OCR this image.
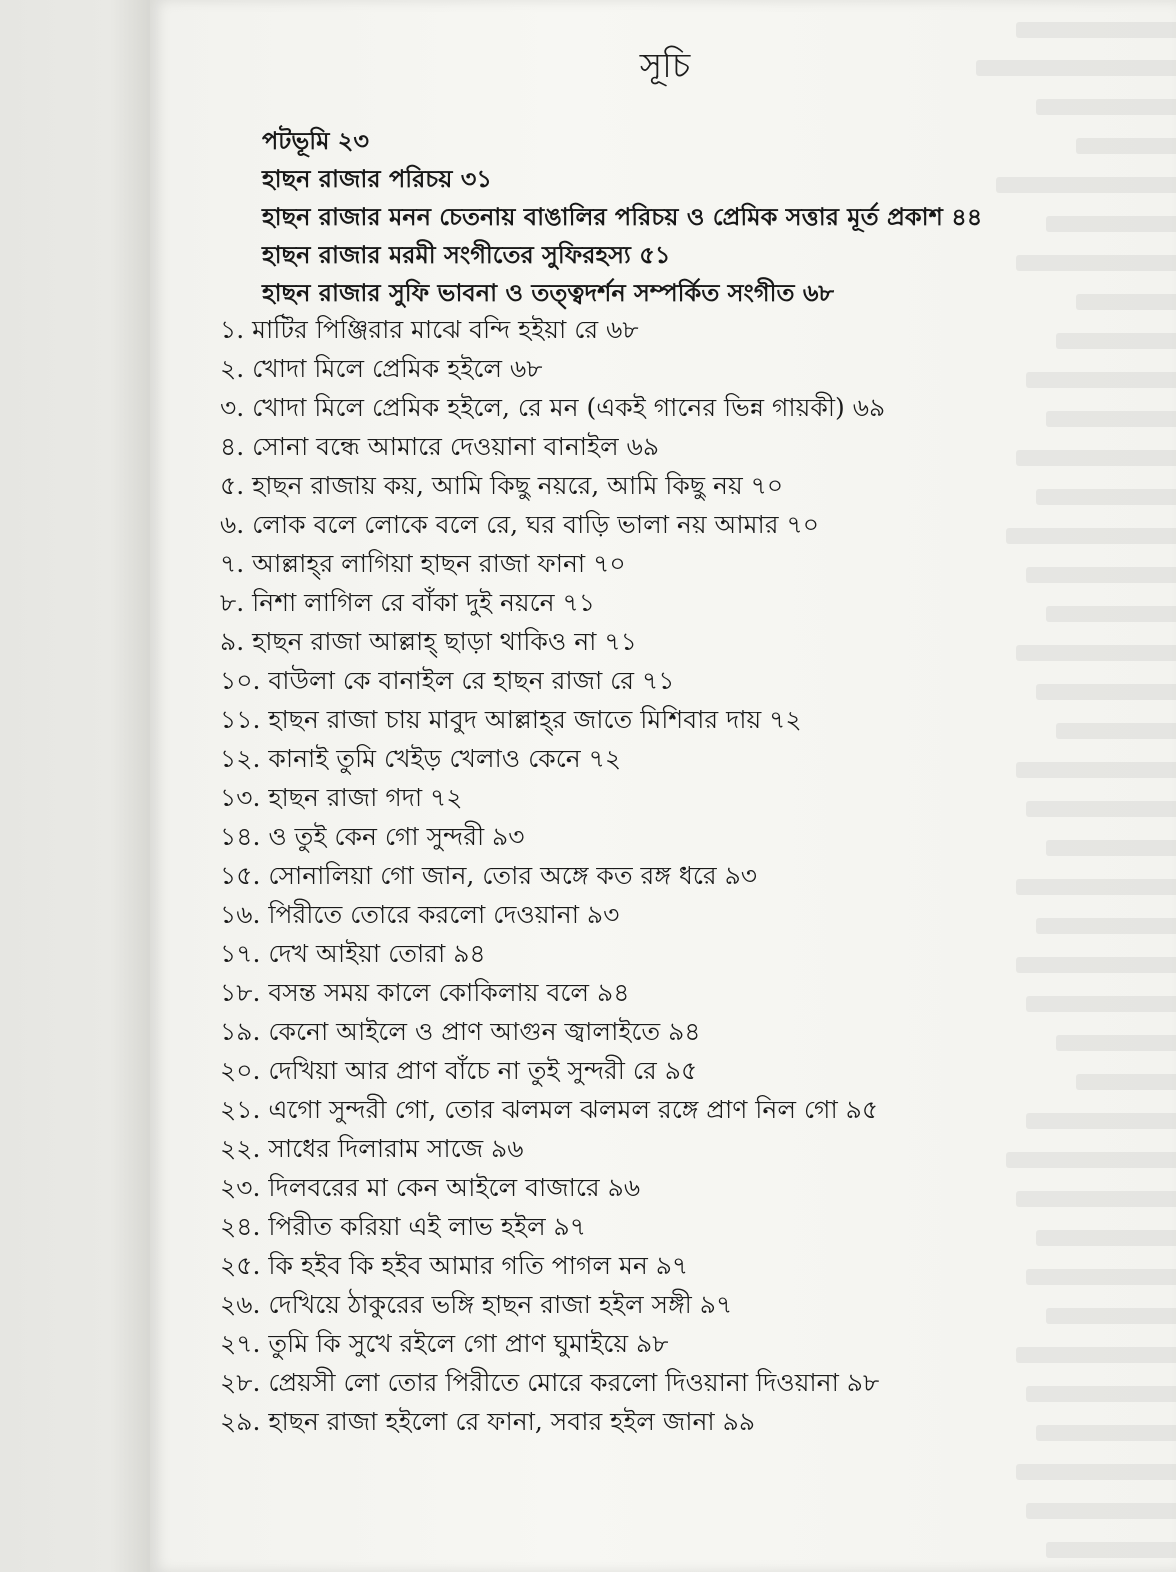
সূচি
পটভূমি ২৩
হাছন রাজার পরিচয় ৩১
হাছন রাজার মনন চেতনায় বাঙালির পরিচয় ও প্রেমিক সত্তার মূর্ত প্রকাশ ৪৪
হাছন রাজার মরমী সংগীতের সুফিরহস্য ৫১
হাছন রাজার সুফি ভাবনা ও তত্ত্বদর্শন সম্পর্কিত সংগীত ৬৮
১. মাটির পিঞ্জিরার মাঝে বন্দি হইয়া রে ৬৮
২. খোদা মিলে প্রেমিক হইলে ৬৮
৩. খোদা মিলে প্রেমিক হইলে, রে মন (একই গানের ভিন্ন গায়কী) ৬৯
৪. সোনা বন্ধে আমারে দেওয়ানা বানাইল ৬৯
৫. হাছন রাজায় কয়, আমি কিছু নয়রে, আমি কিছু নয় ৭০
৬. লোক বলে লোকে বলে রে, ঘর বাড়ি ভালা নয় আমার ৭০
৭. আল্লাহ্‌র লাগিয়া হাছন রাজা ফানা ৭০
৮. নিশা লাগিল রে বাঁকা দুই নয়নে ৭১
৯. হাছন রাজা আল্লাহ্‌ ছাড়া থাকিও না ৭১
১০. বাউলা কে বানাইল রে হাছন রাজা রে ৭১
১১. হাছন রাজা চায় মাবুদ আল্লাহ্‌র জাতে মিশিবার দায় ৭২
১২. কানাই তুমি খেইড় খেলাও কেনে ৭২
১৩. হাছন রাজা গদা ৭২
১৪. ও তুই কেন গো সুন্দরী ৯৩
১৫. সোনালিয়া গো জান, তোর অঙ্গে কত রঙ্গ ধরে ৯৩
১৬. পিরীতে তোরে করলো দেওয়ানা ৯৩
১৭. দেখ আইয়া তোরা ৯৪
১৮. বসন্ত সময় কালে কোকিলায় বলে ৯৪
১৯. কেনো আইলে ও প্রাণ আগুন জ্বালাইতে ৯৪
২০. দেখিয়া আর প্রাণ বাঁচে না তুই সুন্দরী রে ৯৫
২১. এগো সুন্দরী গো, তোর ঝলমল ঝলমল রঙ্গে প্রাণ নিল গো ৯৫
২২. সাধের দিলারাম সাজে ৯৬
২৩. দিলবরের মা কেন আইলে বাজারে ৯৬
২৪. পিরীত করিয়া এই লাভ হইল ৯৭
২৫. কি হইব কি হইব আমার গতি পাগল মন ৯৭
২৬. দেখিয়ে ঠাকুরের ভঙ্গি হাছন রাজা হইল সঙ্গী ৯৭
২৭. তুমি কি সুখে রইলে গো প্রাণ ঘুমাইয়ে ৯৮
২৮. প্রেয়সী লো তোর পিরীতে মোরে করলো দিওয়ানা দিওয়ানা ৯৮
২৯. হাছন রাজা হইলো রে ফানা, সবার হইল জানা ৯৯
